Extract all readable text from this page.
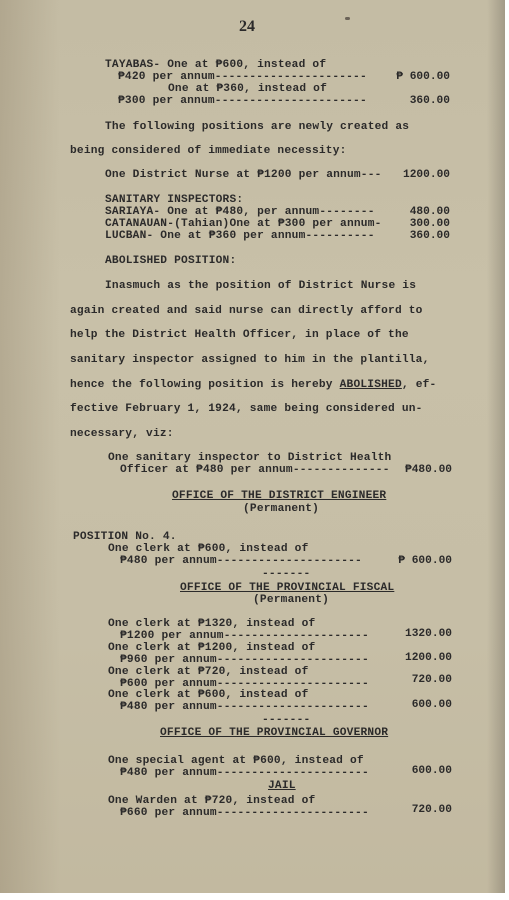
24
TAYABAS- One at ₱600, instead of
₱420 per annum----------------------	₱ 600.00
One at ₱360, instead of
₱300 per annum----------------------	360.00
The following positions are newly created as
being considered of immediate necessity:
One District Nurse at ₱1200 per annum---	1200.00
SANITARY INSPECTORS:
SARIAYA- One at ₱480, per annum--------	480.00
CATANAUAN-(Tahian)One at ₱300 per annum-	300.00
LUCBAN- One at ₱360 per annum----------	360.00
ABOLISHED POSITION:
Inasmuch as the position of District Nurse is
again created and said nurse can directly afford to
help the District Health Officer, in place of the
sanitary inspector assigned to him in the plantilla,
hence the following position is hereby ABOLISHED, ef-
fective February 1, 1924, same being considered un-
necessary, viz:
One sanitary inspector to District Health
Officer at ₱480 per annum--------------	₱480.00
OFFICE OF THE DISTRICT ENGINEER
(Permanent)
POSITION No. 4.
One clerk at ₱600, instead of
₱480 per annum---------------------	₱ 600.00
-------
OFFICE OF THE PROVINCIAL FISCAL
(Permanent)
One clerk at ₱1320, instead of
₱1200 per annum---------------------	1320.00
One clerk at ₱1200, instead of
₱960 per annum----------------------	1200.00
One clerk at ₱720, instead of
₱600 per annum----------------------	720.00
One clerk at ₱600, instead of
₱480 per annum----------------------	600.00
-------
OFFICE OF THE PROVINCIAL GOVERNOR
One special agent at ₱600, instead of
₱480 per annum----------------------	600.00
JAIL
One Warden at ₱720, instead of
₱660 per annum----------------------	720.00
